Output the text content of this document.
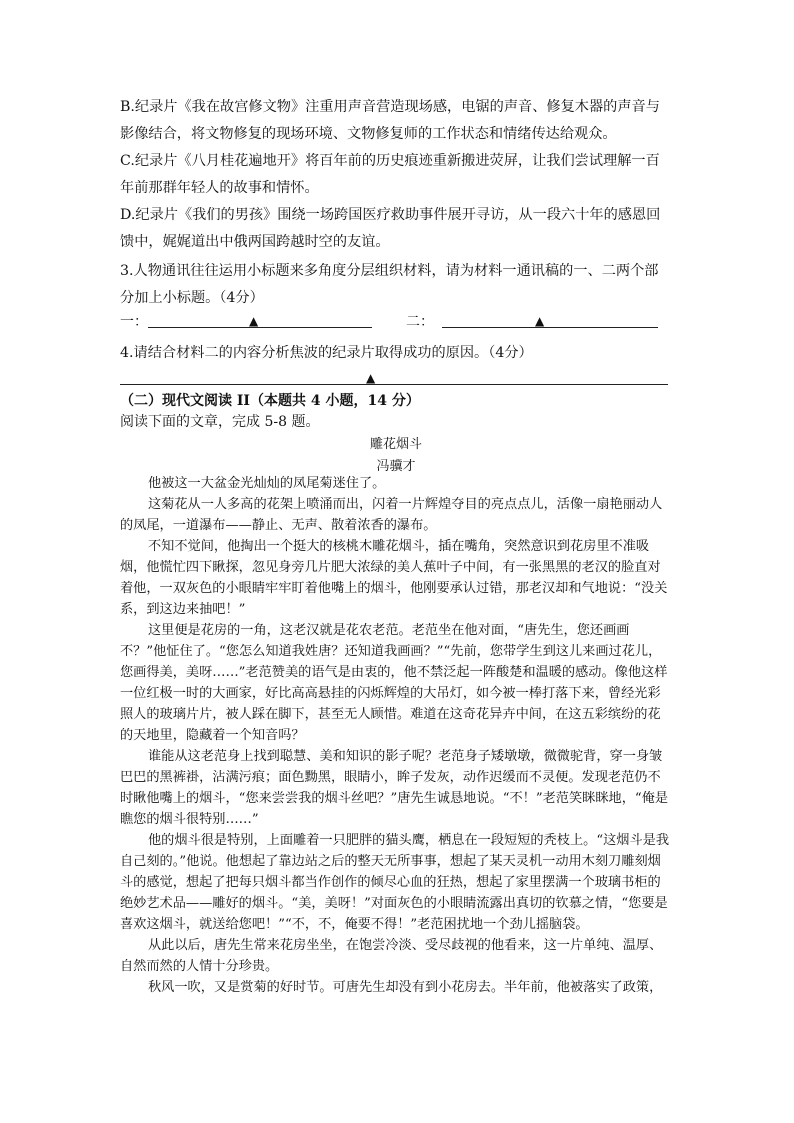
B.纪录片《我在故宫修文物》注重用声音营造现场感，电锯的声音、修复木器的声音与影像结合，将文物修复的现场环境、文物修复师的工作状态和情绪传达给观众。

C.纪录片《八月桂花遍地开》将百年前的历史痕迹重新搬进荧屏，让我们尝试理解一百年前那群年轻人的故事和情怀。

D.纪录片《我们的男孩》围绕一场跨国医疗救助事件展开寻访，从一段六十年的感恩回馈中，娓娓道出中俄两国跨越时空的友谊。

3.人物通讯往往运用小标题来多角度分层组织材料，请为材料一通讯稿的一、二两个部分加上小标题。（4分）

一：	▲	二：	▲

4.请结合材料二的内容分析焦波的纪录片取得成功的原因。（4分）

▲
（二）现代文阅读 II（本题共 4 小题，14 分）
阅读下面的文章，完成 5-8 题。
雕花烟斗
冯骥才

他被这一大盆金光灿灿的凤尾菊迷住了。

这菊花从一人多高的花架上喷涌而出，闪着一片辉煌夺目的亮点点儿，活像一扇艳丽动人的凤尾，一道瀑布——静止、无声、散着浓香的瀑布。

不知不觉间，他掏出一个挺大的核桃木雕花烟斗，插在嘴角，突然意识到花房里不准吸烟，他慌忙四下瞅探，忽见身旁几片肥大浓绿的美人蕉叶子中间，有一张黑黑的老汉的脸直对着他，一双灰色的小眼睛牢牢盯着他嘴上的烟斗，他刚要承认过错，那老汉却和气地说：“没关系，到这边来抽吧！”

这里便是花房的一角，这老汉就是花农老范。老范坐在他对面，“唐先生，您还画画不？”他怔住了。“您怎么知道我姓唐？还知道我画画？”“先前，您带学生到这儿来画过花儿，您画得美，美呀……”老范赞美的语气是由衷的，他不禁泛起一阵酸楚和温暖的感动。像他这样一位红极一时的大画家，好比高高悬挂的闪烁辉煌的大吊灯，如今被一棒打落下来，曾经光彩照人的玻璃片片，被人踩在脚下，甚至无人顾惜。难道在这奇花异卉中间，在这五彩缤纷的花的天地里，隐藏着一个知音吗？

谁能从这老范身上找到聪慧、美和知识的影子呢？老范身子矮墩墩，微微驼背，穿一身皱巴巴的黑裤褂，沾满污痕；面色黝黑，眼睛小，眸子发灰，动作迟缓而不灵便。发现老范仍不时瞅他嘴上的烟斗，“您来尝尝我的烟斗丝吧？”唐先生诚恳地说。“不！”老范笑眯眯地，“俺是瞧您的烟斗很特别……”

他的烟斗很是特别，上面雕着一只肥胖的猫头鹰，栖息在一段短短的秃枝上。“这烟斗是我自己刻的。”他说。他想起了靠边站之后的整天无所事事，想起了某天灵机一动用木刻刀雕刻烟斗的感觉，想起了把每只烟斗都当作创作的倾尽心血的狂热，想起了家里摆满一个玻璃书柜的绝妙艺术品——雕好的烟斗。“美，美呀！”对面灰色的小眼睛流露出真切的钦慕之情，“您要是喜欢这烟斗，就送给您吧！”“不，不，俺要不得！”老范困扰地一个劲儿摇脑袋。

从此以后，唐先生常来花房坐坐，在饱尝冷淡、受尽歧视的他看来，这一片单纯、温厚、自然而然的人情十分珍贵。

秋风一吹，又是赏菊的好时节。可唐先生却没有到小花房去。半年前，他被落实了政策，
